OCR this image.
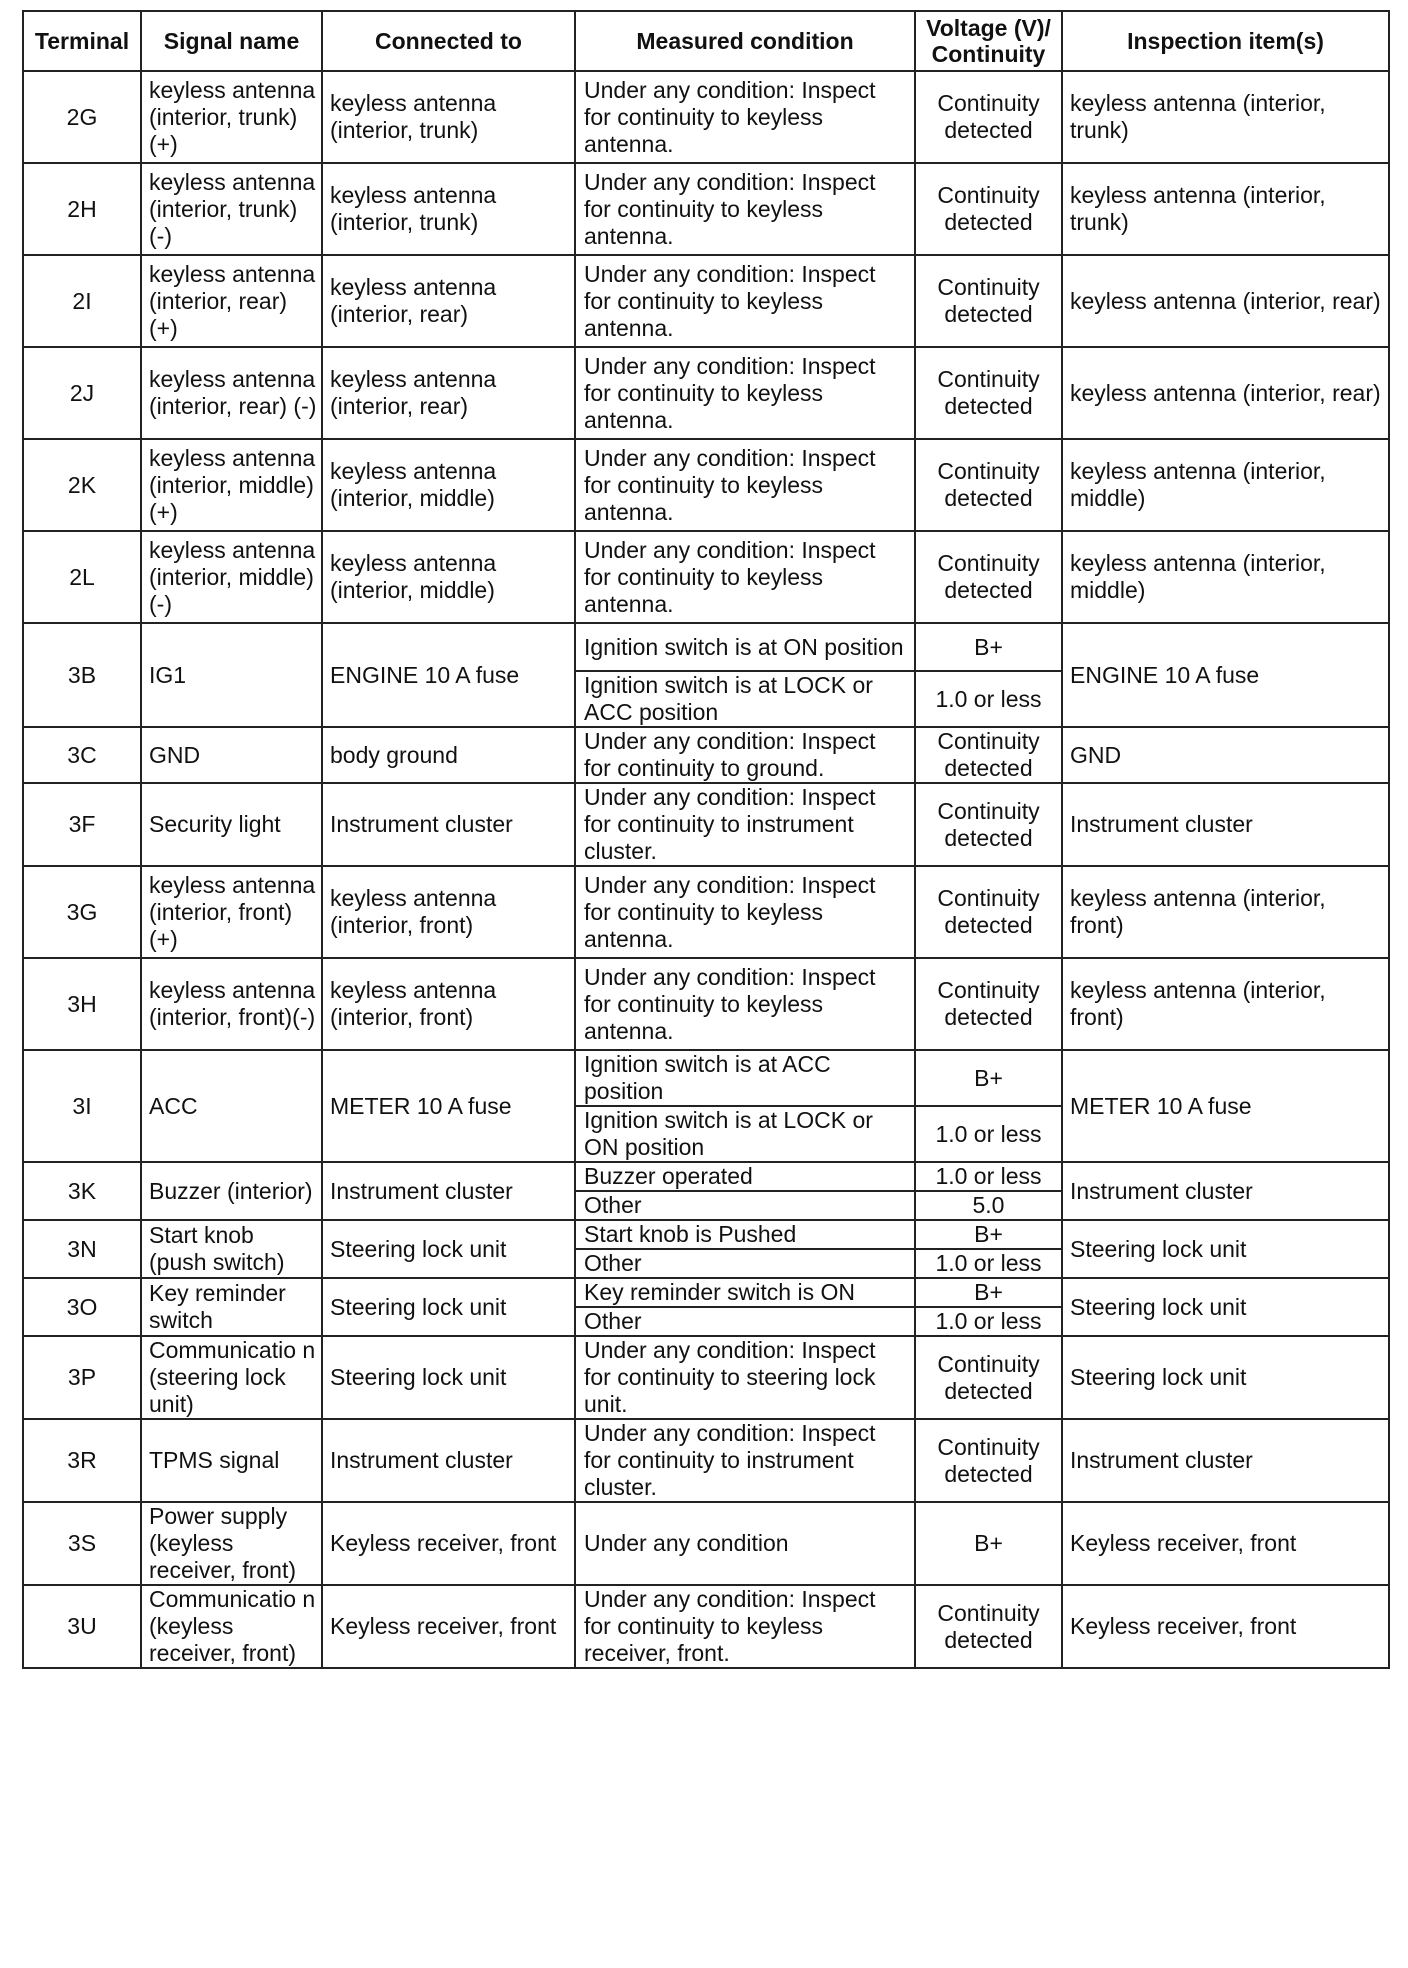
Terminal	Signal name	Connected to	Measured condition	Voltage (V)/ Continuity	Inspection item(s)
2G	keyless antenna (interior, trunk) (+)	keyless antenna (interior, trunk)	Under any condition: Inspect for continuity to keyless antenna.	Continuity detected	keyless antenna (interior, trunk)
2H	keyless antenna (interior, trunk) (-)	keyless antenna (interior, trunk)	Under any condition: Inspect for continuity to keyless antenna.	Continuity detected	keyless antenna (interior, trunk)
2I	keyless antenna (interior, rear) (+)	keyless antenna (interior, rear)	Under any condition: Inspect for continuity to keyless antenna.	Continuity detected	keyless antenna (interior, rear)
2J	keyless antenna (interior, rear) (-)	keyless antenna (interior, rear)	Under any condition: Inspect for continuity to keyless antenna.	Continuity detected	keyless antenna (interior, rear)
2K	keyless antenna (interior, middle)(+)	keyless antenna (interior, middle)	Under any condition: Inspect for continuity to keyless antenna.	Continuity detected	keyless antenna (interior, middle)
2L	keyless antenna (interior, middle)(-)	keyless antenna (interior, middle)	Under any condition: Inspect for continuity to keyless antenna.	Continuity detected	keyless antenna (interior, middle)
3B	IG1	ENGINE 10 A fuse	Ignition switch is at ON position	B+	ENGINE 10 A fuse
			Ignition switch is at LOCK or ACC position	1.0 or less	
3C	GND	body ground	Under any condition: Inspect for continuity to ground.	Continuity detected	GND
3F	Security light	Instrument cluster	Under any condition: Inspect for continuity to instrument cluster.	Continuity detected	Instrument cluster
3G	keyless antenna (interior, front)(+)	keyless antenna (interior, front)	Under any condition: Inspect for continuity to keyless antenna.	Continuity detected	keyless antenna (interior, front)
3H	keyless antenna (interior, front)(-)	keyless antenna (interior, front)	Under any condition: Inspect for continuity to keyless antenna.	Continuity detected	keyless antenna (interior, front)
3I	ACC	METER 10 A fuse	Ignition switch is at ACC position	B+	METER 10 A fuse
			Ignition switch is at LOCK or ON position	1.0 or less	
3K	Buzzer (interior)	Instrument cluster	Buzzer operated	1.0 or less	Instrument cluster
			Other	5.0	
3N	Start knob (push switch)	Steering lock unit	Start knob is Pushed	B+	Steering lock unit
			Other	1.0 or less	
3O	Key reminder switch	Steering lock unit	Key reminder switch is ON	B+	Steering lock unit
			Other	1.0 or less	
3P	Communicatio n (steering lock unit)	Steering lock unit	Under any condition: Inspect for continuity to steering lock unit.	Continuity detected	Steering lock unit
3R	TPMS signal	Instrument cluster	Under any condition: Inspect for continuity to instrument cluster.	Continuity detected	Instrument cluster
3S	Power supply (keyless receiver, front)	Keyless receiver, front	Under any condition	B+	Keyless receiver, front
3U	Communicatio n (keyless receiver, front)	Keyless receiver, front	Under any condition: Inspect for continuity to keyless receiver, front.	Continuity detected	Keyless receiver, front
